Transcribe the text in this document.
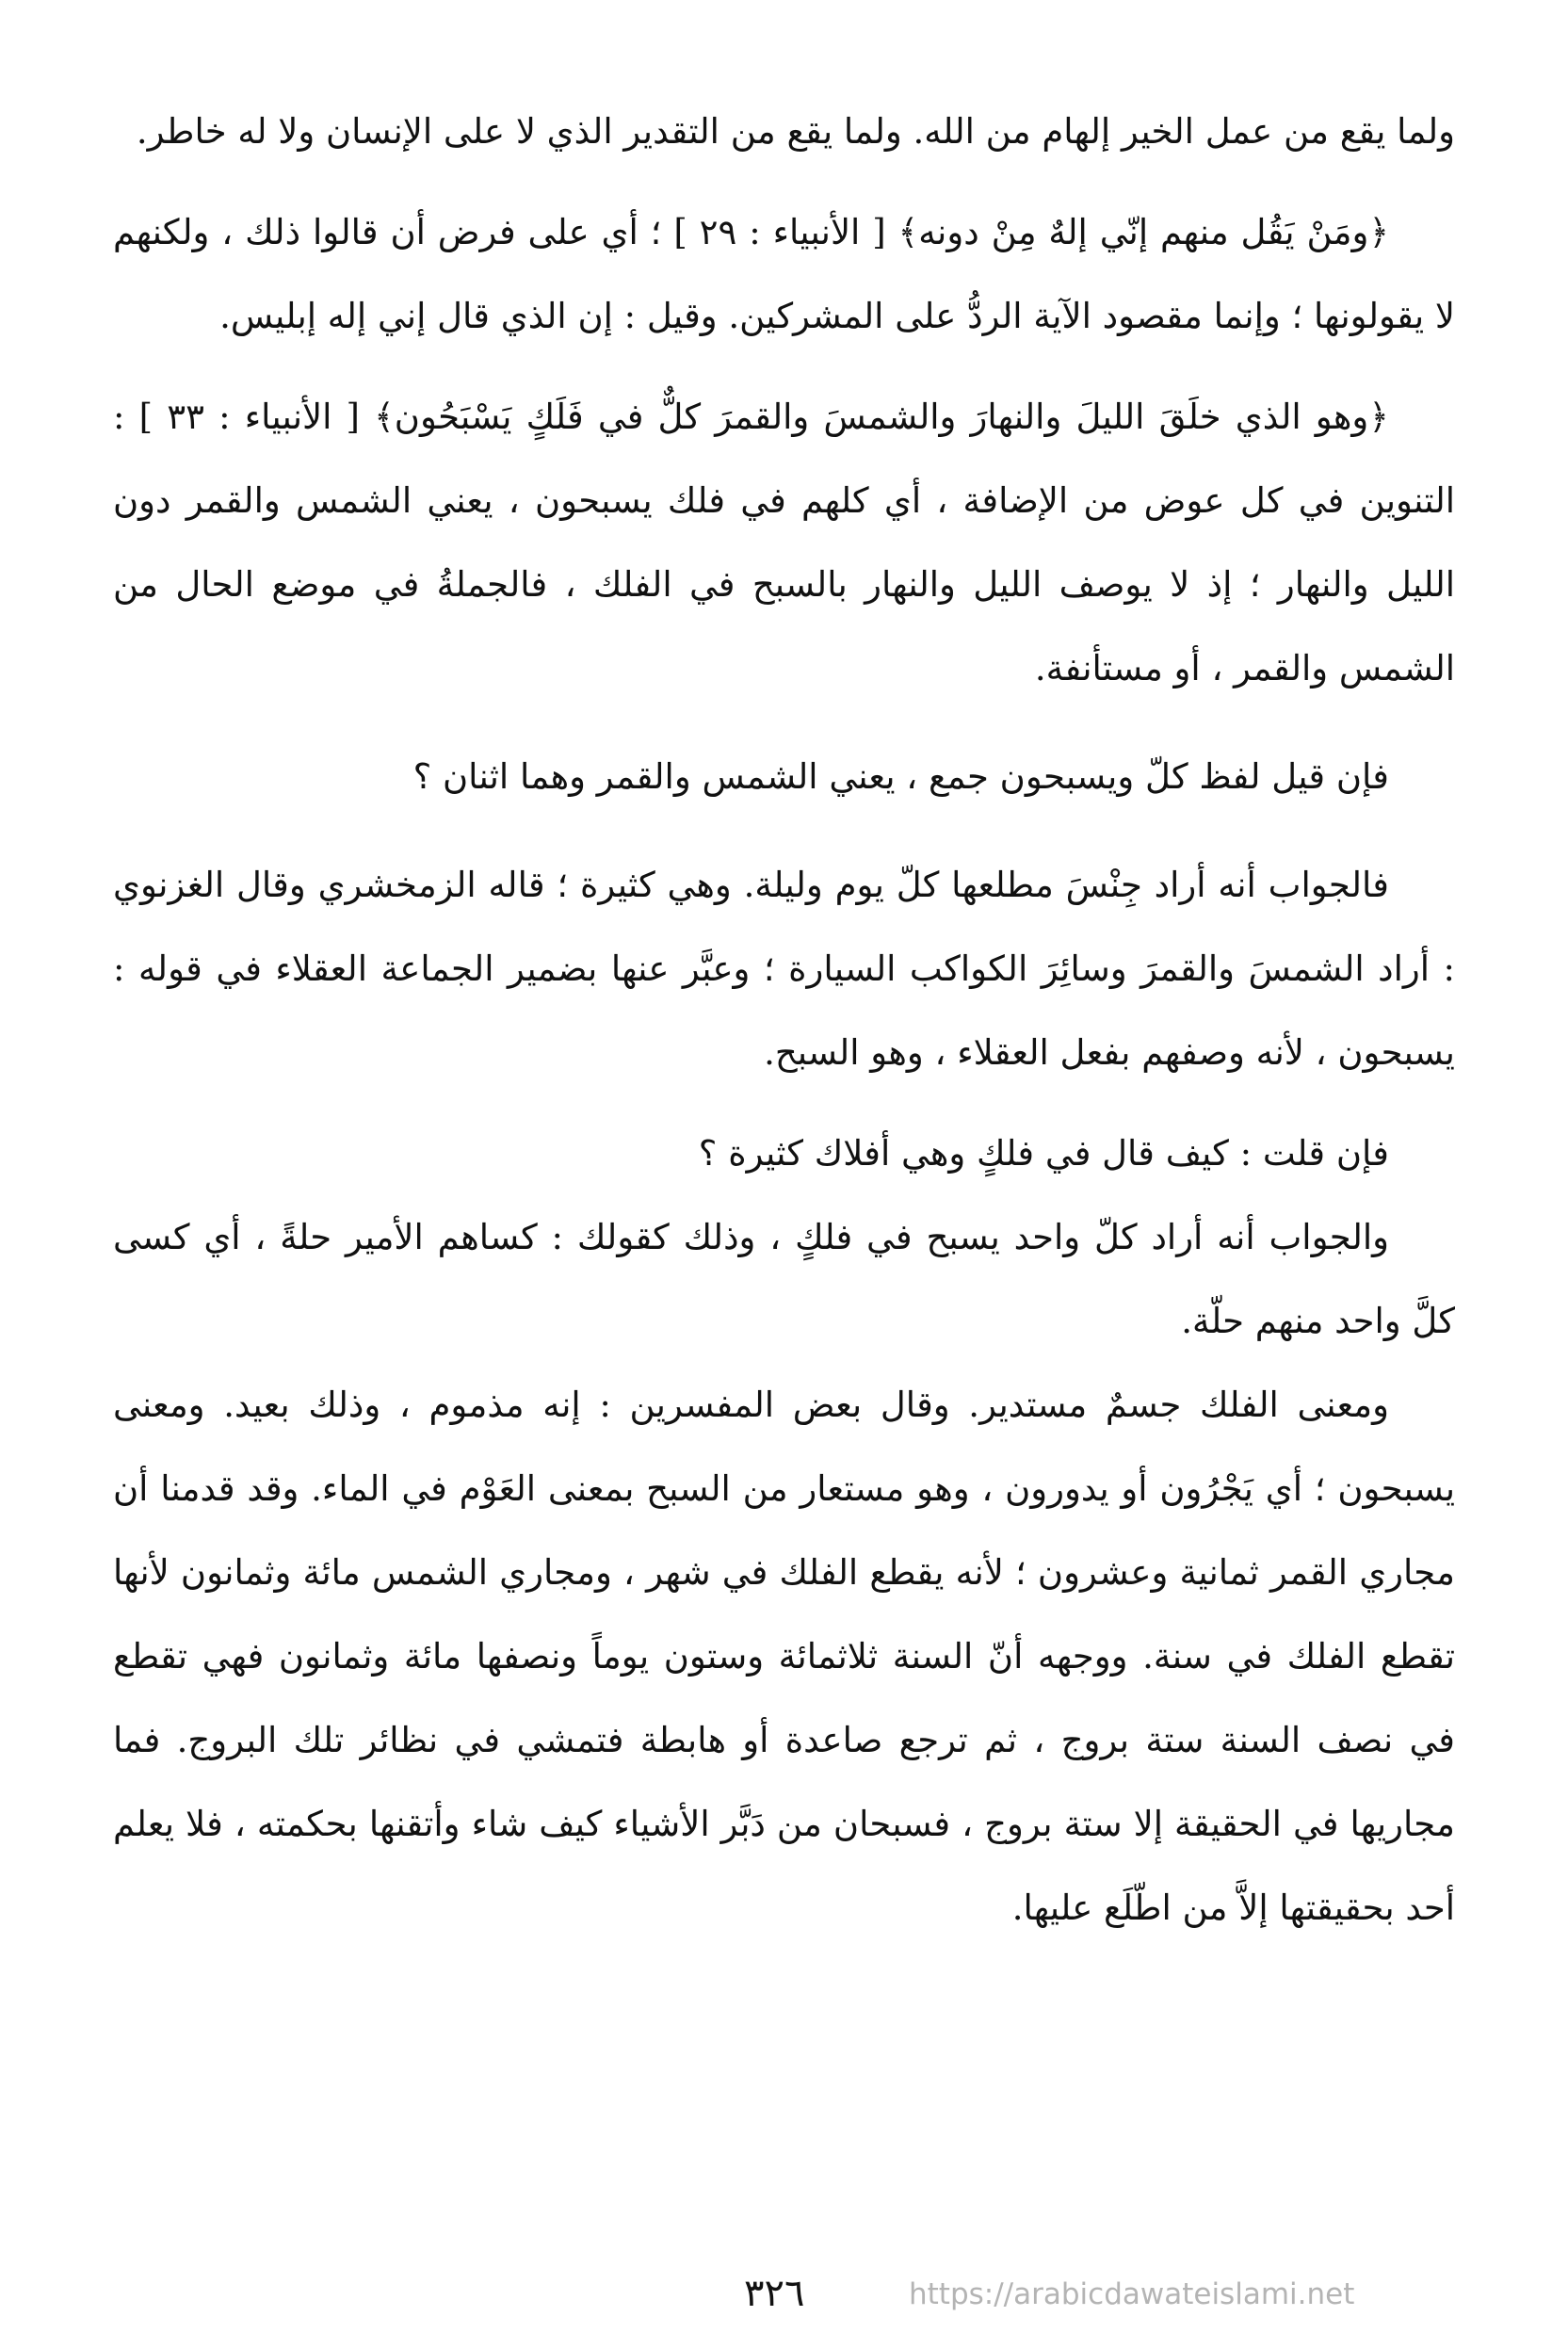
ولما يقع من عمل الخير إلهام من الله. ولما يقع من التقدير الذي لا على الإنسان ولا له خاطر.

﴿ومَنْ يَقُل منهم إنّي إلهٌ مِنْ دونه﴾ [ الأنبياء : ٢٩ ] ؛ أي على فرض أن قالوا ذلك ، ولكنهم لا يقولونها ؛ وإنما مقصود الآية الردُّ على المشركين. وقيل : إن الذي قال إني إله إبليس.

﴿وهو الذي خلَقَ الليلَ والنهارَ والشمسَ والقمرَ كلٌّ في فَلَكٍ يَسْبَحُون﴾ [ الأنبياء : ٣٣ ] : التنوين في كل عوض من الإضافة ، أي كلهم في فلك يسبحون ، يعني الشمس والقمر دون الليل والنهار ؛ إذ لا يوصف الليل والنهار بالسبح في الفلك ، فالجملةُ في موضع الحال من الشمس والقمر ، أو مستأنفة.

فإن قيل لفظ كلّ ويسبحون جمع ، يعني الشمس والقمر وهما اثنان ؟

فالجواب أنه أراد جِنْسَ مطلعها كلّ يوم وليلة. وهي كثيرة ؛ قاله الزمخشري وقال الغزنوي : أراد الشمسَ والقمرَ وسائِرَ الكواكب السيارة ؛ وعبَّر عنها بضمير الجماعة العقلاء في قوله : يسبحون ، لأنه وصفهم بفعل العقلاء ، وهو السبح.

فإن قلت : كيف قال في فلكٍ وهي أفلاك كثيرة ؟

والجواب أنه أراد كلّ واحد يسبح في فلكٍ ، وذلك كقولك : كساهم الأمير حلةً ، أي كسى كلَّ واحد منهم حلّة.

ومعنى الفلك جسمٌ مستدير. وقال بعض المفسرين : إنه مذموم ، وذلك بعيد. ومعنى يسبحون ؛ أي يَجْرُون أو يدورون ، وهو مستعار من السبح بمعنى العَوْم في الماء. وقد قدمنا أن مجاري القمر ثمانية وعشرون ؛ لأنه يقطع الفلك في شهر ، ومجاري الشمس مائة وثمانون لأنها تقطع الفلك في سنة. ووجهه أنّ السنة ثلاثمائة وستون يوماً ونصفها مائة وثمانون فهي تقطع في نصف السنة ستة بروج ، ثم ترجع صاعدة أو هابطة فتمشي في نظائر تلك البروج. فما مجاريها في الحقيقة إلا ستة بروج ، فسبحان من دَبَّر الأشياء كيف شاء وأتقنها بحكمته ، فلا يعلم أحد بحقيقتها إلاَّ من اطّلَع عليها.

٣٢٦	https://arabicdawateislami.net
